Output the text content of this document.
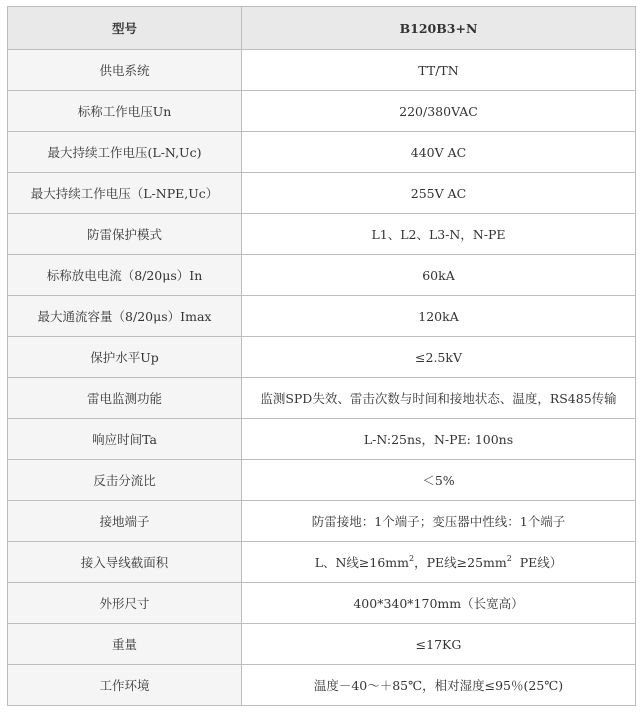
型号	B120B3+N
供电系统	TT/TN
标称工作电压Un	220/380VAC
最大持续工作电压(L-N,Uc)	440V AC
最大持续工作电压（L-NPE,Uc）	255V AC
防雷保护模式	L1、L2、L3-N，N-PE
标称放电电流（8/20μs）In	60kA
最大通流容量（8/20μs）Imax	120kA
保护水平Up	≤2.5kV
雷电监测功能	监测SPD失效、雷击次数与时间和接地状态、温度，RS485传输
响应时间Ta	L-N:25ns，N-PE: 100ns
反击分流比	＜5%
接地端子	防雷接地：1个端子；变压器中性线：1个端子
接入导线截面积	L、N线$\ge 16mm^2$，PE线$\ge 25mm^2$  PE线）
外形尺寸	400*340*170mm（长宽高）
重量	≤17KG
工作环境	温度－40～＋85℃，相对湿度≤95％(25℃)
